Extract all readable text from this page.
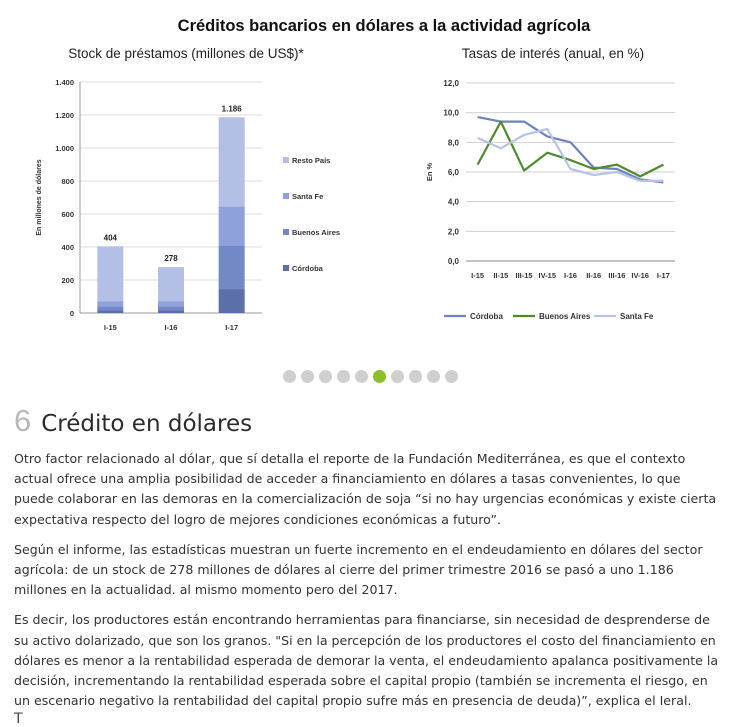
Créditos bancarios en dólares a la actividad agrícola
Stock de préstamos (millones de US$)*
0
200
400
600
800
1.000
1.200
1.400
En millones de dólares
404
I-15
278
I-16
1.186
I-17
Resto País
Santa Fe
Buenos Aires
Córdoba
Tasas de interés (anual, en %)
0,0
2,0
4,0
6,0
8,0
10,0
12,0
En %
I-15 II-15 III-15 IV-15 I-16 II-16 III-16 IV-16 I-17
Córdoba	Buenos Aires	Santa Fe
6 Crédito en dólares

Otro factor relacionado al dólar, que sí detalla el reporte de la Fundación Mediterránea, es que el contexto actual ofrece una amplia posibilidad de acceder a financiamiento en dólares a tasas convenientes, lo que puede colaborar en las demoras en la comercialización de soja “si no hay urgencias económicas y existe cierta expectativa respecto del logro de mejores condiciones económicas a futuro”.

Según el informe, las estadísticas muestran un fuerte incremento en el endeudamiento en dólares del sector agrícola: de un stock de 278 millones de dólares al cierre del primer trimestre 2016 se pasó a uno 1.186 millones en la actualidad. al mismo momento pero del 2017.

Es decir, los productores están encontrando herramientas para financiarse, sin necesidad de desprenderse de su activo dolarizado, que son los granos. "Si en la percepción de los productores el costo del financiamiento en dólares es menor a la rentabilidad esperada de demorar la venta, el endeudamiento apalanca positivamente la decisión, incrementando la rentabilidad esperada sobre el capital propio (también se incrementa el riesgo, en un escenario negativo la rentabilidad del capital propio sufre más en presencia de deuda)”, explica el Ieral.

T
